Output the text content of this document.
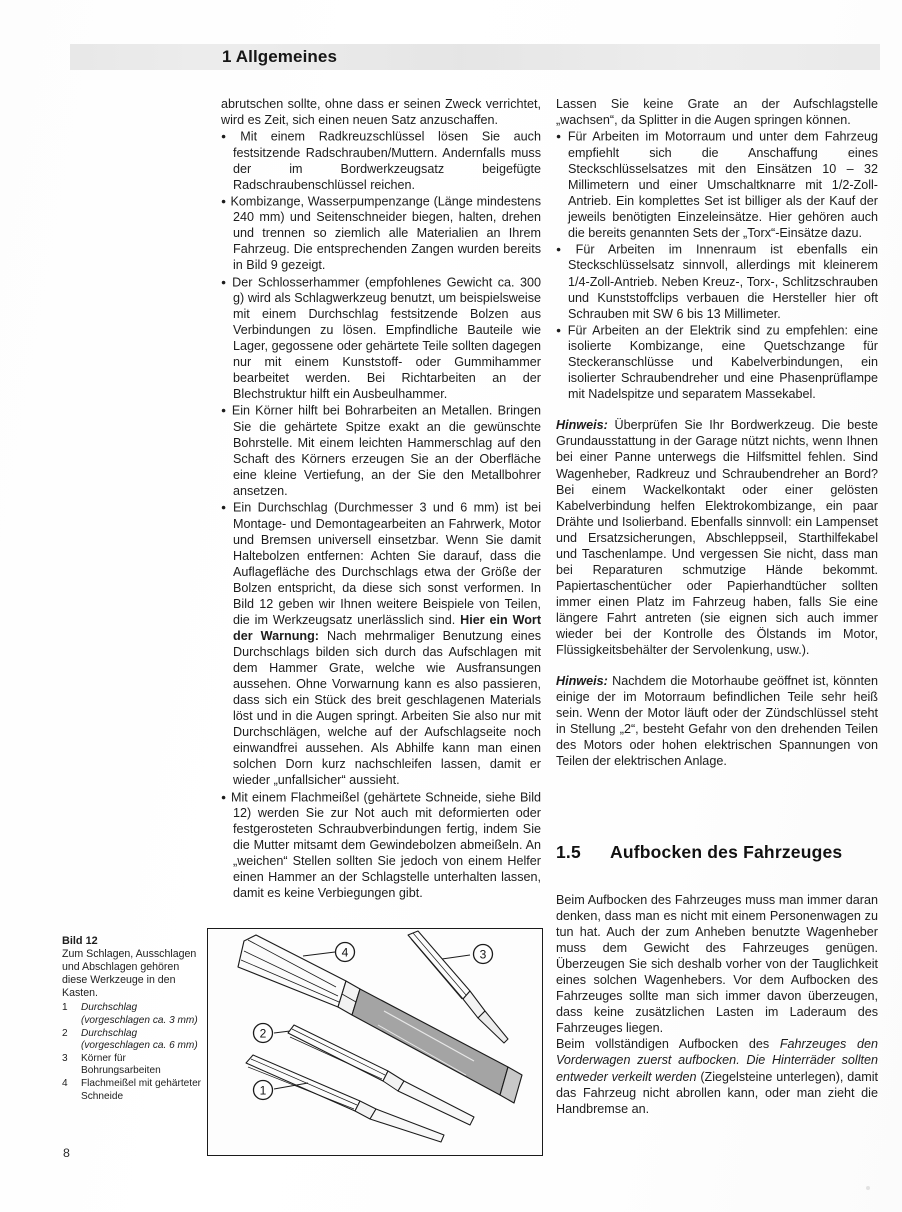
1 Allgemeines

abrutschen sollte, ohne dass er seinen Zweck verrichtet, wird es Zeit, sich einen neuen Satz anzuschaffen.

● Mit einem Radkreuzschlüssel lösen Sie auch festsitzende Radschrauben/Muttern. Andernfalls muss der im Bordwerkzeugsatz beigefügte Radschraubenschlüssel reichen.

● Kombizange, Wasserpumpenzange (Länge mindestens 240 mm) und Seitenschneider biegen, halten, drehen und trennen so ziemlich alle Materialien an Ihrem Fahrzeug. Die entsprechenden Zangen wurden bereits in Bild 9 gezeigt.

● Der Schlosserhammer (empfohlenes Gewicht ca. 300 g) wird als Schlagwerkzeug benutzt, um beispielsweise mit einem Durchschlag festsitzende Bolzen aus Verbindungen zu lösen. Empfindliche Bauteile wie Lager, gegossene oder gehärtete Teile sollten dagegen nur mit einem Kunststoff- oder Gummihammer bearbeitet werden. Bei Richtarbeiten an der Blechstruktur hilft ein Ausbeulhammer.

● Ein Körner hilft bei Bohrarbeiten an Metallen. Bringen Sie die gehärtete Spitze exakt an die gewünschte Bohrstelle. Mit einem leichten Hammerschlag auf den Schaft des Körners erzeugen Sie an der Oberfläche eine kleine Vertiefung, an der Sie den Metallbohrer ansetzen.

● Ein Durchschlag (Durchmesser 3 und 6 mm) ist bei Montage- und Demontagearbeiten an Fahrwerk, Motor und Bremsen universell einsetzbar. Wenn Sie damit Haltebolzen entfernen: Achten Sie darauf, dass die Auflagefläche des Durchschlags etwa der Größe der Bolzen entspricht, da diese sich sonst verformen. In Bild 12 geben wir Ihnen weitere Beispiele von Teilen, die im Werkzeugsatz unerlässlich sind. Hier ein Wort der Warnung: Nach mehrmaliger Benutzung eines Durchschlags bilden sich durch das Aufschlagen mit dem Hammer Grate, welche wie Ausfransungen aussehen. Ohne Vorwarnung kann es also passieren, dass sich ein Stück des breit geschlagenen Materials löst und in die Augen springt. Arbeiten Sie also nur mit Durchschlägen, welche auf der Aufschlagseite noch einwandfrei aussehen. Als Abhilfe kann man einen solchen Dorn kurz nachschleifen lassen, damit er wieder „unfallsicher“ aussieht.

● Mit einem Flachmeißel (gehärtete Schneide, siehe Bild 12) werden Sie zur Not auch mit deformierten oder festgerosteten Schraubverbindungen fertig, indem Sie die Mutter mitsamt dem Gewindebolzen abmeißeln. An „weichen“ Stellen sollten Sie jedoch von einem Helfer einen Hammer an der Schlagstelle unterhalten lassen, damit es keine Verbiegungen gibt.

Lassen Sie keine Grate an der Aufschlagstelle „wachsen“, da Splitter in die Augen springen können.

● Für Arbeiten im Motorraum und unter dem Fahrzeug empfiehlt sich die Anschaffung eines Steckschlüsselsatzes mit den Einsätzen 10 – 32 Millimetern und einer Umschaltknarre mit 1/2-Zoll-Antrieb. Ein komplettes Set ist billiger als der Kauf der jeweils benötigten Einzeleinsätze. Hier gehören auch die bereits genannten Sets der „Torx“-Einsätze dazu.

● Für Arbeiten im Innenraum ist ebenfalls ein Steckschlüsselsatz sinnvoll, allerdings mit kleinerem 1/4-Zoll-Antrieb. Neben Kreuz-, Torx-, Schlitzschrauben und Kunststoffclips verbauen die Hersteller hier oft Schrauben mit SW 6 bis 13 Millimeter.

● Für Arbeiten an der Elektrik sind zu empfehlen: eine isolierte Kombizange, eine Quetschzange für Steckeranschlüsse und Kabelverbindungen, ein isolierter Schraubendreher und eine Phasenprüflampe mit Nadelspitze und separatem Massekabel.

Hinweis: Überprüfen Sie Ihr Bordwerkzeug. Die beste Grundausstattung in der Garage nützt nichts, wenn Ihnen bei einer Panne unterwegs die Hilfsmittel fehlen. Sind Wagenheber, Radkreuz und Schraubendreher an Bord? Bei einem Wackelkontakt oder einer gelösten Kabelverbindung helfen Elektrokombizange, ein paar Drähte und Isolierband. Ebenfalls sinnvoll: ein Lampenset und Ersatzsicherungen, Abschleppseil, Starthilfekabel und Taschenlampe. Und vergessen Sie nicht, dass man bei Reparaturen schmutzige Hände bekommt. Papiertaschentücher oder Papierhandtücher sollten immer einen Platz im Fahrzeug haben, falls Sie eine längere Fahrt antreten (sie eignen sich auch immer wieder bei der Kontrolle des Ölstands im Motor, Flüssigkeitsbehälter der Servolenkung, usw.).

Hinweis: Nachdem die Motorhaube geöffnet ist, könnten einige der im Motorraum befindlichen Teile sehr heiß sein. Wenn der Motor läuft oder der Zündschlüssel steht in Stellung „2“, besteht Gefahr von den drehenden Teilen des Motors oder hohen elektrischen Spannungen von Teilen der elektrischen Anlage.

1.5 Aufbocken des Fahrzeuges

Beim Aufbocken des Fahrzeuges muss man immer daran denken, dass man es nicht mit einem Personenwagen zu tun hat. Auch der zum Anheben benutzte Wagenheber muss dem Gewicht des Fahrzeuges genügen. Überzeugen Sie sich deshalb vorher von der Tauglichkeit eines solchen Wagenhebers. Vor dem Aufbocken des Fahrzeuges sollte man sich immer davon überzeugen, dass keine zusätzlichen Lasten im Laderaum des Fahrzeuges liegen.

Beim vollständigen Aufbocken des Fahrzeuges den Vorderwagen zuerst aufbocken. Die Hinterräder sollten entweder verkeilt werden (Ziegelsteine unterlegen), damit das Fahrzeug nicht abrollen kann, oder man zieht die Handbremse an.

Bild 12
Zum Schlagen, Ausschlagen und Abschlagen gehören diese Werkzeuge in den Kasten.
1 Durchschlag (vorgeschlagen ca. 3 mm)
2 Durchschlag (vorgeschlagen ca. 6 mm)
3 Körner für Bohrungsarbeiten
4 Flachmeißel mit gehärteter Schneide
4	3
2
1
8
